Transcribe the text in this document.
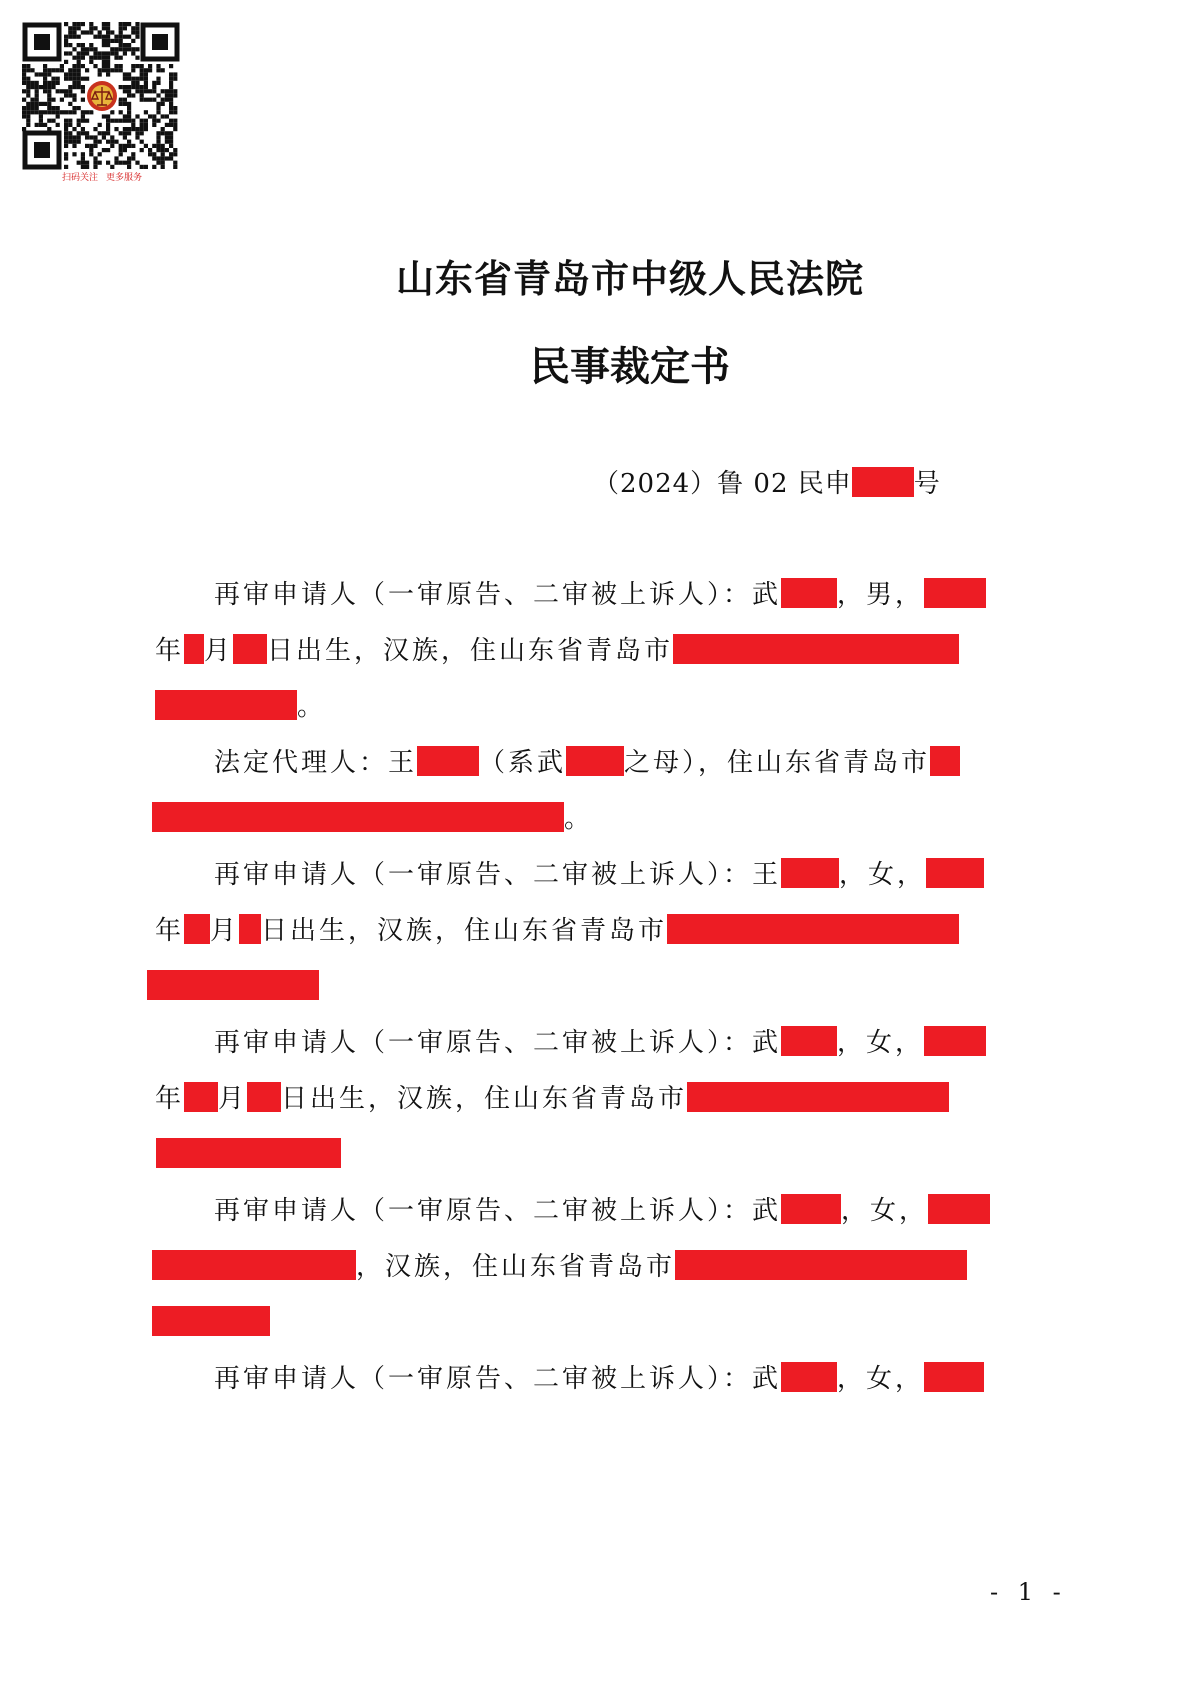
扫码关注 更多服务
山东省青岛市中级人民法院
民事裁定书
（2024）鲁 02 民申 号
再审申请人（一审原告、二审被上诉人）：武 ，男，
年 月 日出生，汉族，住山东省青岛市
。
法定代理人：王 （系武 之母），住山东省青岛市
。
再审申请人（一审原告、二审被上诉人）：王 ，女，
年 月 日出生，汉族，住山东省青岛市
再审申请人（一审原告、二审被上诉人）：武 ，女，
年 月 日出生，汉族，住山东省青岛市
再审申请人（一审原告、二审被上诉人）：武 ，女，
，汉族，住山东省青岛市
再审申请人（一审原告、二审被上诉人）：武 ，女，
- 1 -
